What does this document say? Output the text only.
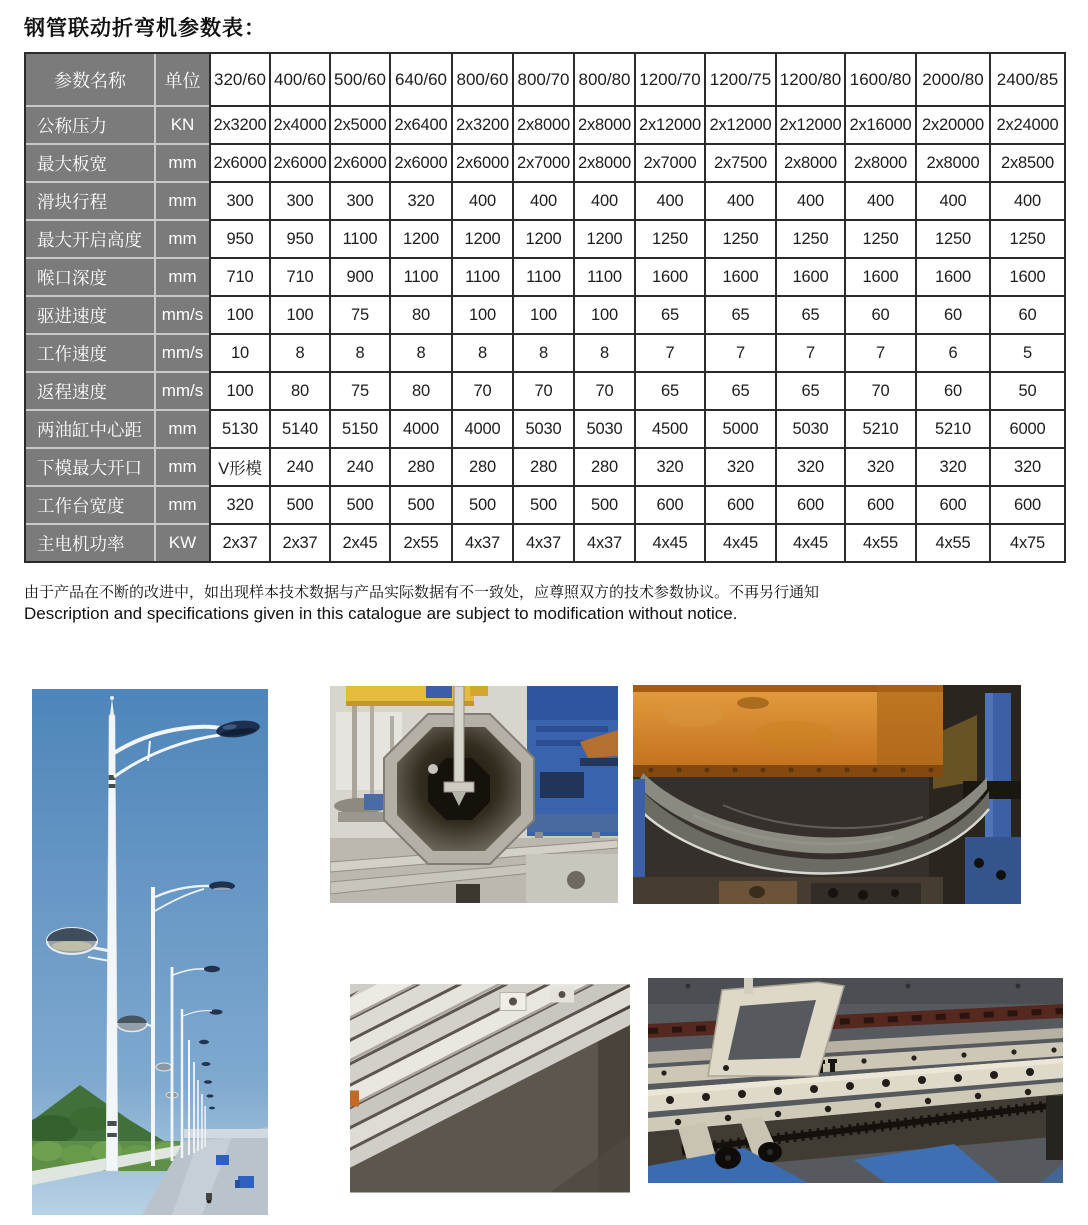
钢管联动折弯机参数表：
参数名称	单位	320/60	400/60	500/60	640/60	800/60	800/70	800/80	1200/70	1200/75	1200/80	1600/80	2000/80	2400/85
公称压力	KN	2x3200	2x4000	2x5000	2x6400	2x3200	2x8000	2x8000	2x12000	2x12000	2x12000	2x16000	2x20000	2x24000
最大板宽	mm	2x6000	2x6000	2x6000	2x6000	2x6000	2x7000	2x8000	2x7000	2x7500	2x8000	2x8000	2x8000	2x8500
滑块行程	mm	300	300	300	320	400	400	400	400	400	400	400	400	400
最大开启高度	mm	950	950	1100	1200	1200	1200	1200	1250	1250	1250	1250	1250	1250
喉口深度	mm	710	710	900	1100	1100	1100	1100	1600	1600	1600	1600	1600	1600
驱进速度	mm/s	100	100	75	80	100	100	100	65	65	65	60	60	60
工作速度	mm/s	10	8	8	8	8	8	8	7	7	7	7	6	5
返程速度	mm/s	100	80	75	80	70	70	70	65	65	65	70	60	50
两油缸中心距	mm	5130	5140	5150	4000	4000	5030	5030	4500	5000	5030	5210	5210	6000
下模最大开口	mm	V形模	240	240	280	280	280	280	320	320	320	320	320	320
工作台宽度	mm	320	500	500	500	500	500	500	600	600	600	600	600	600
主电机功率	KW	2x37	2x37	2x45	2x55	4x37	4x37	4x37	4x45	4x45	4x45	4x55	4x55	4x75

由于产品在不断的改进中，如出现样本技术数据与产品实际数据有不一致处，应尊照双方的技术参数协议。不再另行通知

Description and specifications given in this catalogue are subject to modification without notice.
